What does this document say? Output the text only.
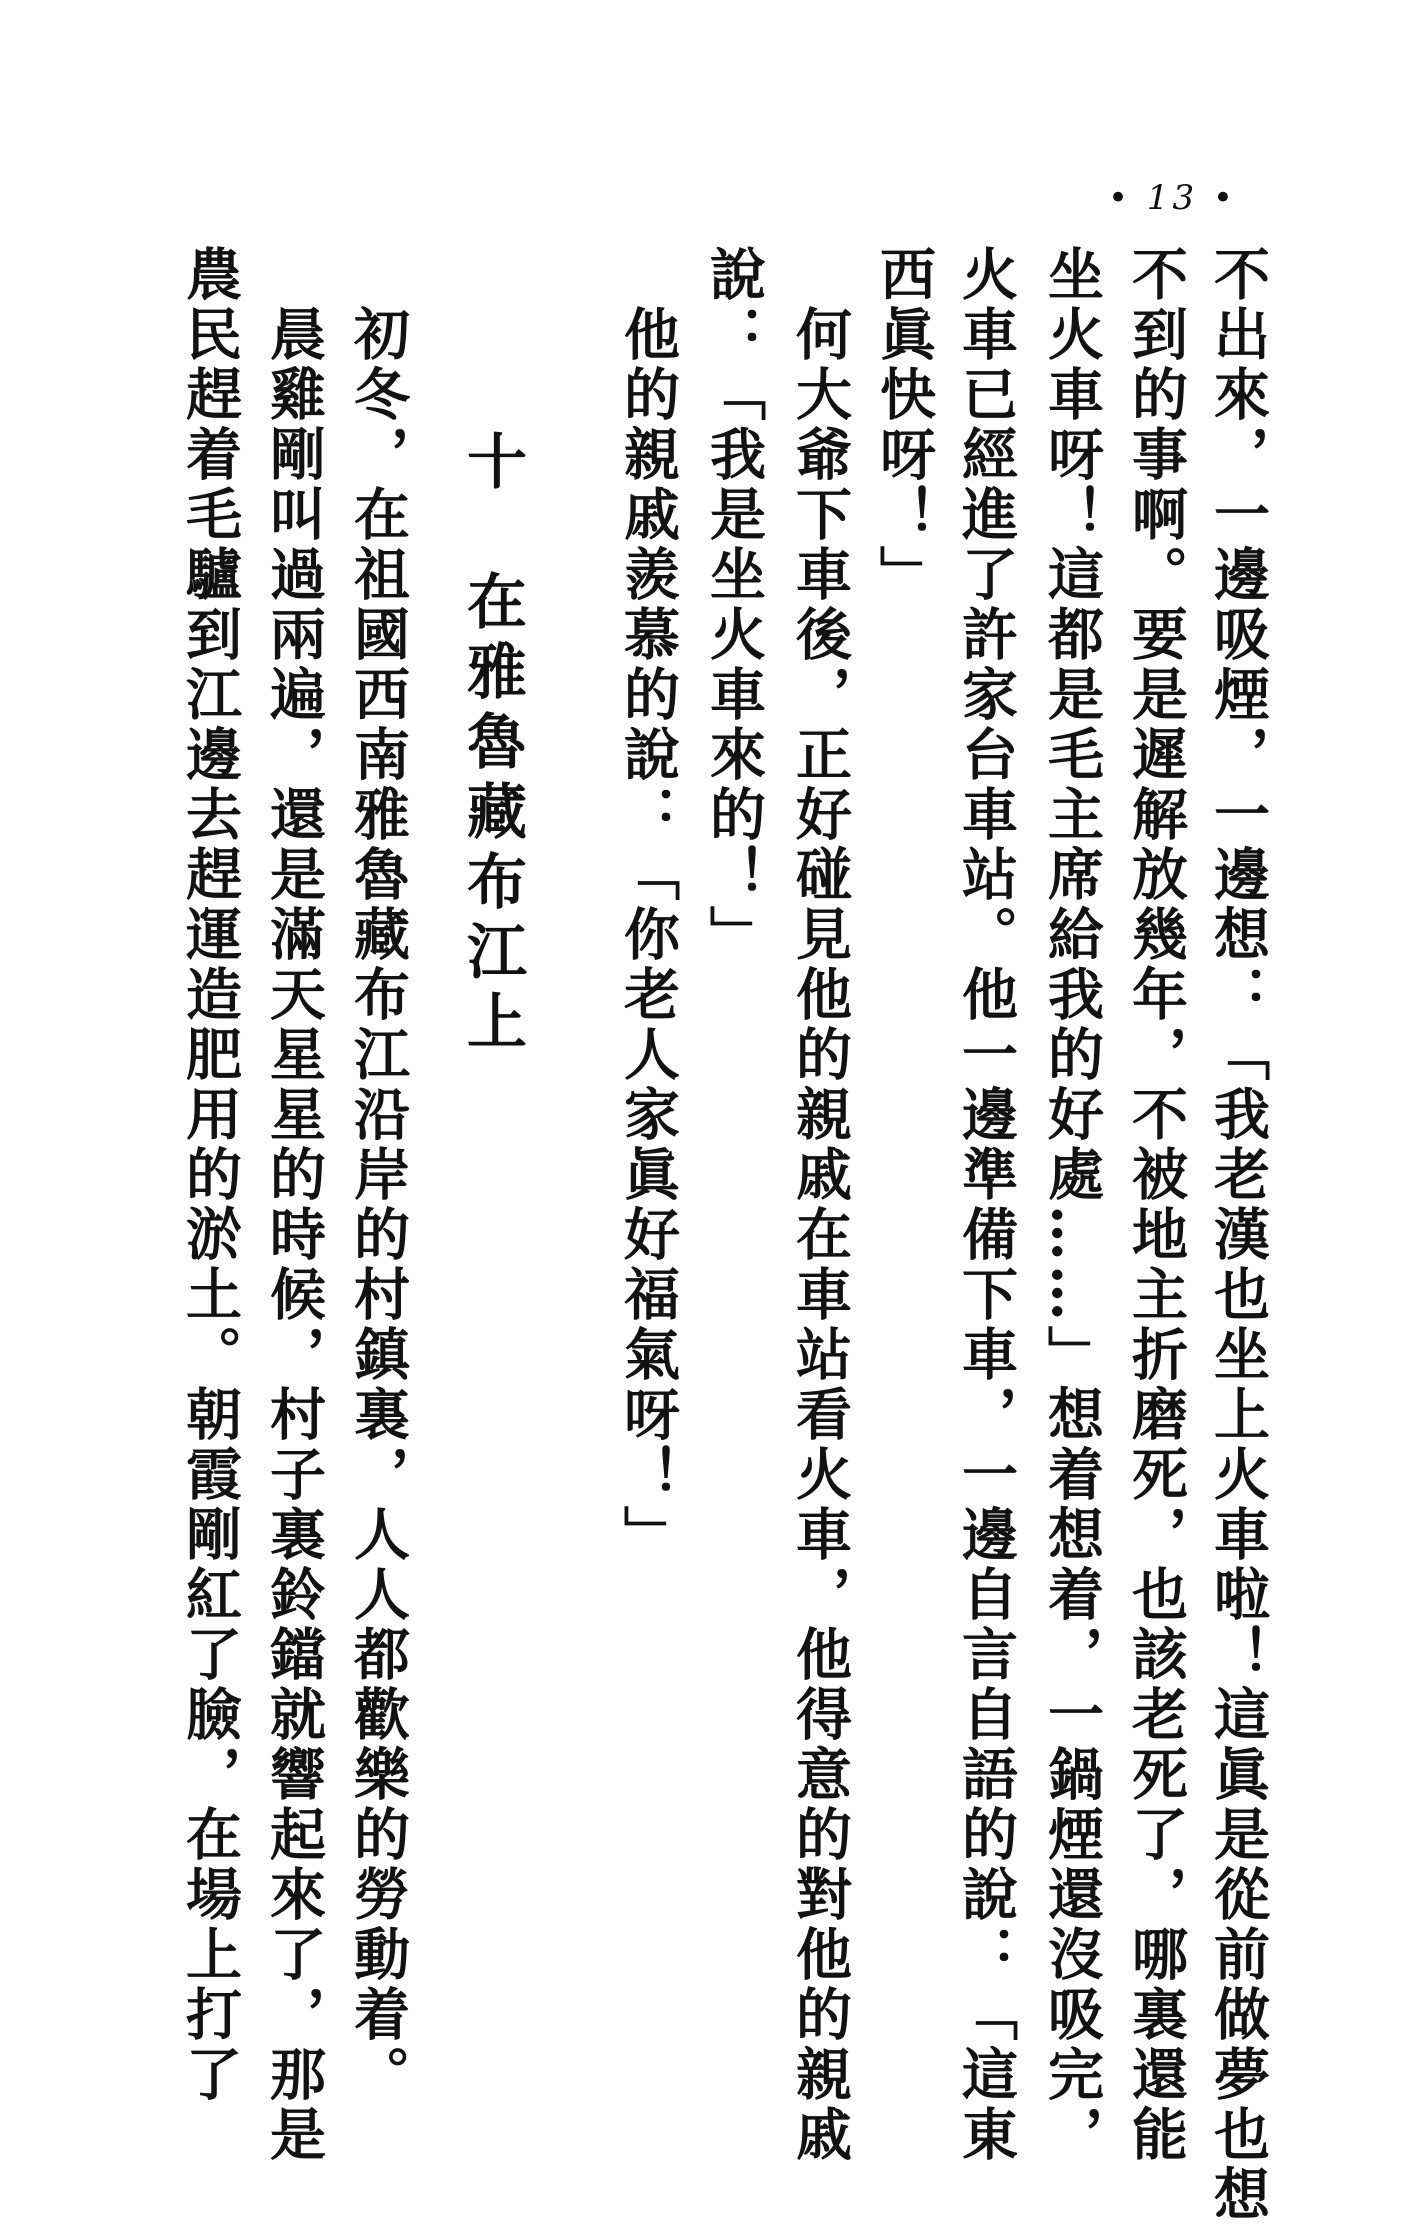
• 13 •
不出來，一邊吸煙，一邊想：「我老漢也坐上火車啦！這眞是從前做夢也想
不到的事啊。要是遲解放幾年，不被地主折磨死，也該老死了，哪裏還能
坐火車呀！這都是毛主席給我的好處……」想着想着，一鍋煙還沒吸完，
火車已經進了許家台車站。他一邊準備下車，一邊自言自語的說：「這東
西眞快呀！」
　何大爺下車後，正好碰見他的親戚在車站看火車，他得意的對他的親戚
說：「我是坐火車來的！」
　他的親戚羨慕的說：「你老人家眞好福氣呀！」
十　在雅魯藏布江上
　初冬，在祖國西南雅魯藏布江沿岸的村鎮裏，人人都歡樂的勞動着。
　晨雞剛叫過兩遍，還是滿天星星的時候，村子裏鈴鐺就響起來了，那是
農民趕着毛驢到江邊去趕運造肥用的淤土。朝霞剛紅了臉，在場上打了
